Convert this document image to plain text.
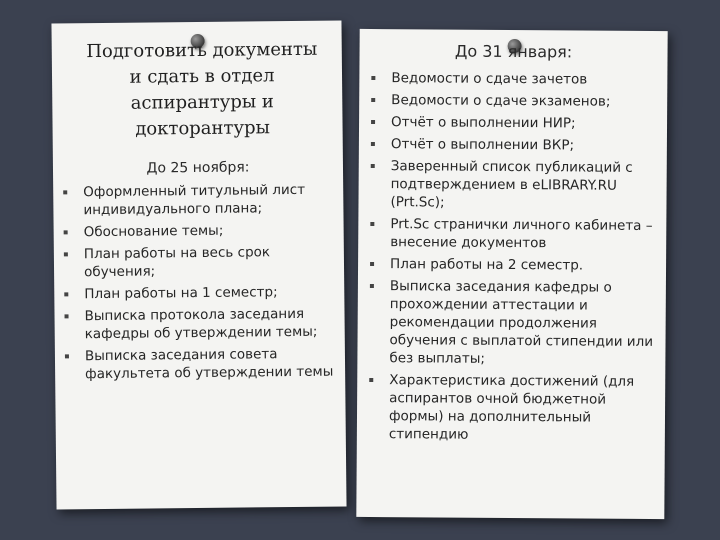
Подготовить документы и сдать в отдел аспирантуры и докторантуры
До 25 ноября:
Оформленный титульный лист индивидуального плана;
Обоснование темы;
План работы на весь срок обучения;
План работы на 1 семестр;
Выписка протокола заседания кафедры об утверждении темы;
Выписка заседания совета факультета об утверждении темы
До 31 января:
Ведомости о сдаче зачетов
Ведомости о сдаче экзаменов;
Отчёт о выполнении НИР;
Отчёт о выполнении ВКР;
Заверенный список публикаций с подтверждением в eLIBRARY.RU (Prt.Sc);
Prt.Sc странички личного кабинета – внесение документов
План работы на 2 семестр.
Выписка заседания кафедры о прохождении аттестации и рекомендации продолжения обучения с выплатой стипендии или без выплаты;
Характеристика достижений (для аспирантов очной бюджетной формы) на дополнительный стипендию
